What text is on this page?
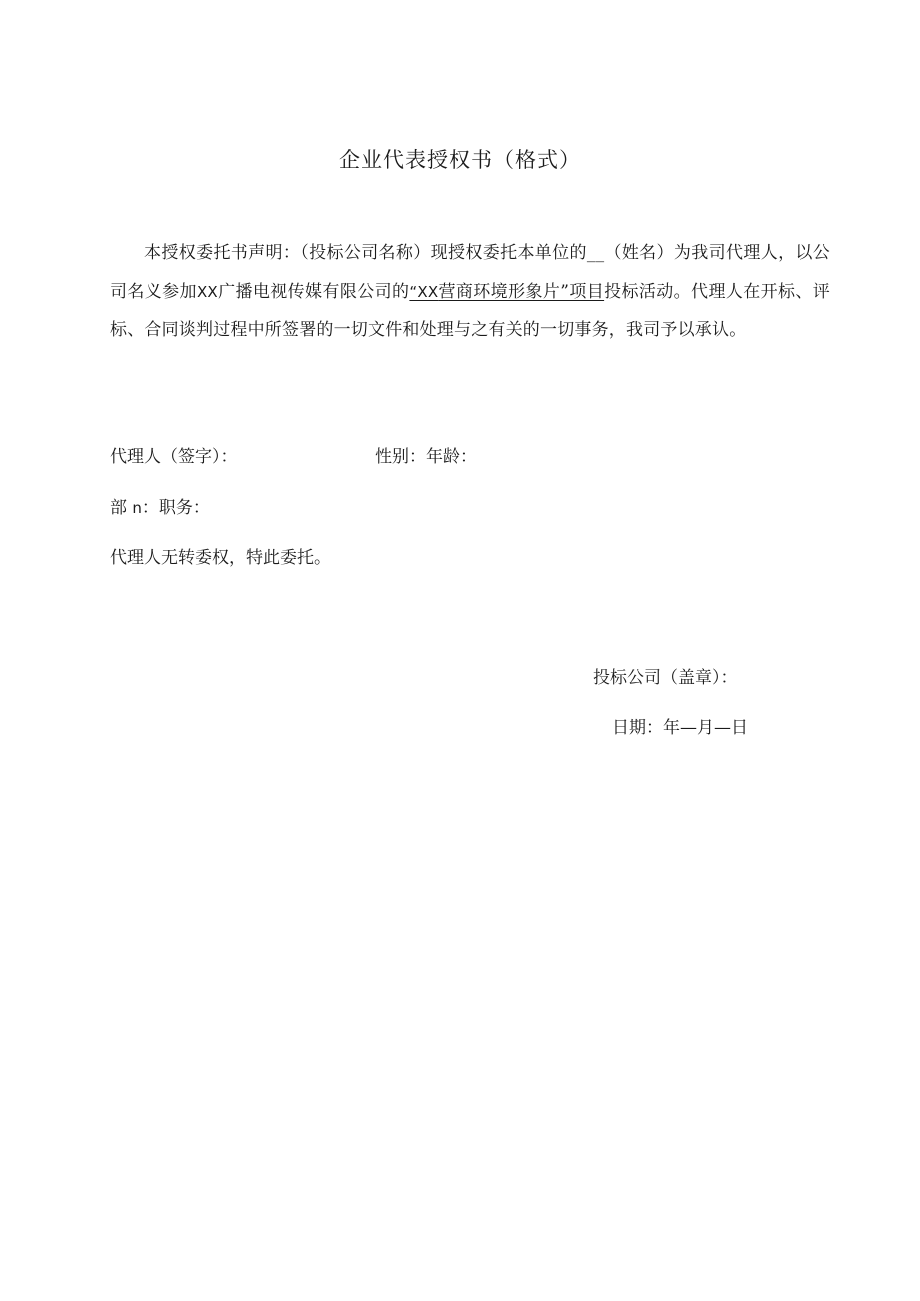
企业代表授权书（格式）
本授权委托书声明：（投标公司名称）现授权委托本单位的__（姓名）为我司代理人，以公司名义参加XX广播电视传媒有限公司的“XX营商环境形象片”项目投标活动。代理人在开标、评标、合同谈判过程中所签署的一切文件和处理与之有关的一切事务，我司予以承认。
代理人（签字）：	性别：年龄：
部 n：职务：
代理人无转委权，特此委托。
投标公司（盖章）：
日期：年—月—日
